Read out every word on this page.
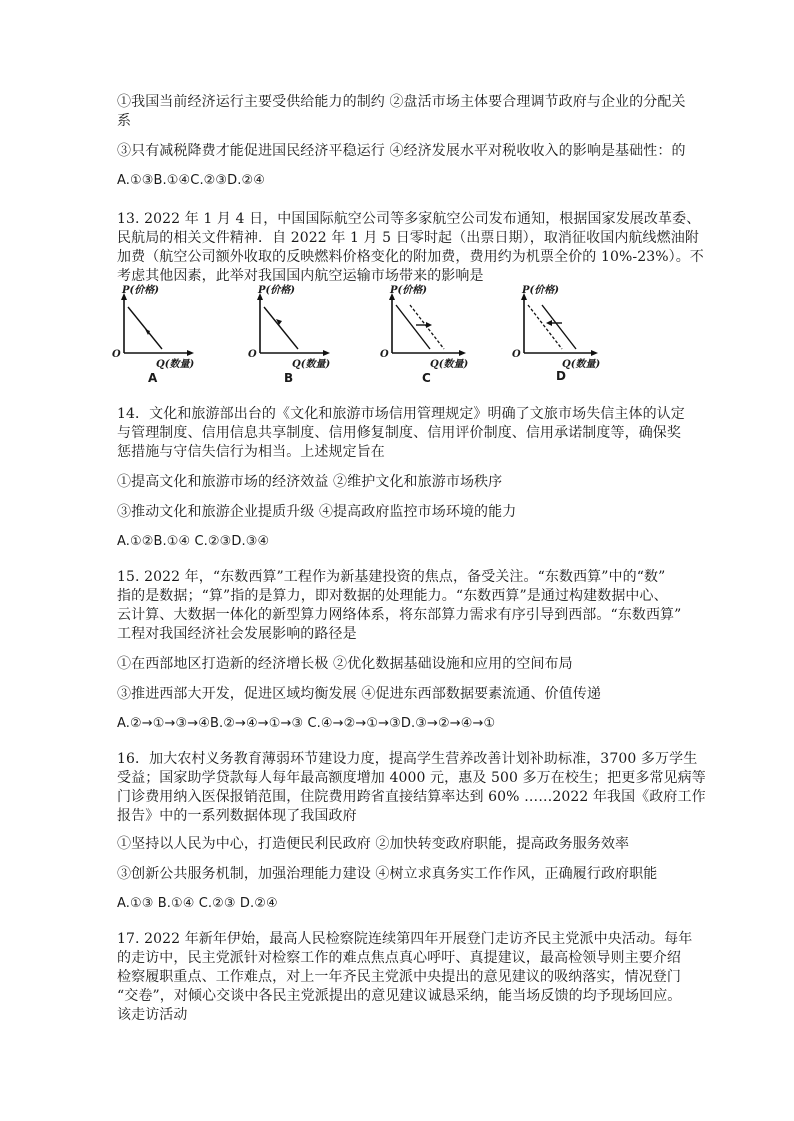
①我国当前经济运行主要受供给能力的制约 ②盘活市场主体要合理调节政府与企业的分配关
系
③只有减税降费才能促进国民经济平稳运行 ④经济发展水平对税收收入的影响是基础性：的
A.①③B.①④C.②③D.②④
13. 2022 年 1 月 4 日，中国国际航空公司等多家航空公司发布通知，根据国家发展改革委、
民航局的相关文件精神．自 2022 年 1 月 5 日零时起（出票日期），取消征收国内航线燃油附
加费（航空公司额外收取的反映燃料价格变化的附加费，费用约为机票全价的 10%-23%）。不
考虑其他因素，此举对我国国内航空运输市场带来的影响是
P(价格)
O
Q(数量)
A
P(价格)
O
Q(数量)
B
P(价格)
O
Q(数量)
C
P(价格)
O
Q(数量)
D
14．文化和旅游部出台的《文化和旅游市场信用管理规定》明确了文旅市场失信主体的认定
与管理制度、信用信息共享制度、信用修复制度、信用评价制度、信用承诺制度等，确保奖
惩措施与守信失信行为相当。上述规定旨在
①提高文化和旅游市场的经济效益 ②维护文化和旅游市场秩序
③推动文化和旅游企业提质升级 ④提高政府监控市场环境的能力
A.①②B.①④ C.②③D.③④
15. 2022 年，“东数西算”工程作为新基建投资的焦点，备受关注。“东数西算”中的“数”
指的是数据；“算”指的是算力，即对数据的处理能力。“东数西算”是通过构建数据中心、
云计算、大数据一体化的新型算力网络体系，将东部算力需求有序引导到西部。“东数西算”
工程对我国经济社会发展影响的路径是
①在西部地区打造新的经济增长极 ②优化数据基础设施和应用的空间布局
③推进西部大开发，促进区域均衡发展 ④促进东西部数据要素流通、价值传递
A.②→①→③→④B.②→④→①→③ C.④→②→①→③D.③→②→④→①
16．加大农村义务教育薄弱环节建设力度，提高学生营养改善计划补助标准，3700 多万学生
受益；国家助学贷款每人每年最高额度增加 4000 元，惠及 500 多万在校生；把更多常见病等
门诊费用纳入医保报销范围，住院费用跨省直接结算率达到 60% ……2022 年我国《政府工作
报告》中的一系列数据体现了我国政府
①坚持以人民为中心，打造便民利民政府 ②加快转变政府职能，提高政务服务效率
③创新公共服务机制，加强治理能力建设 ④树立求真务实工作作风，正确履行政府职能
A.①③ B.①④ C.②③ D.②④
17. 2022 年新年伊始，最高人民检察院连续第四年开展登门走访齐民主党派中央活动。每年
的走访中，民主党派针对检察工作的难点焦点真心呼吁、真提建议，最高检领导则主要介绍
检察履职重点、工作难点，对上一年齐民主党派中央提出的意见建议的吸纳落实，情况登门
“交卷”，对倾心交谈中各民主党派提出的意见建议诚恳采纳，能当场反馈的均予现场回应。
该走访活动
